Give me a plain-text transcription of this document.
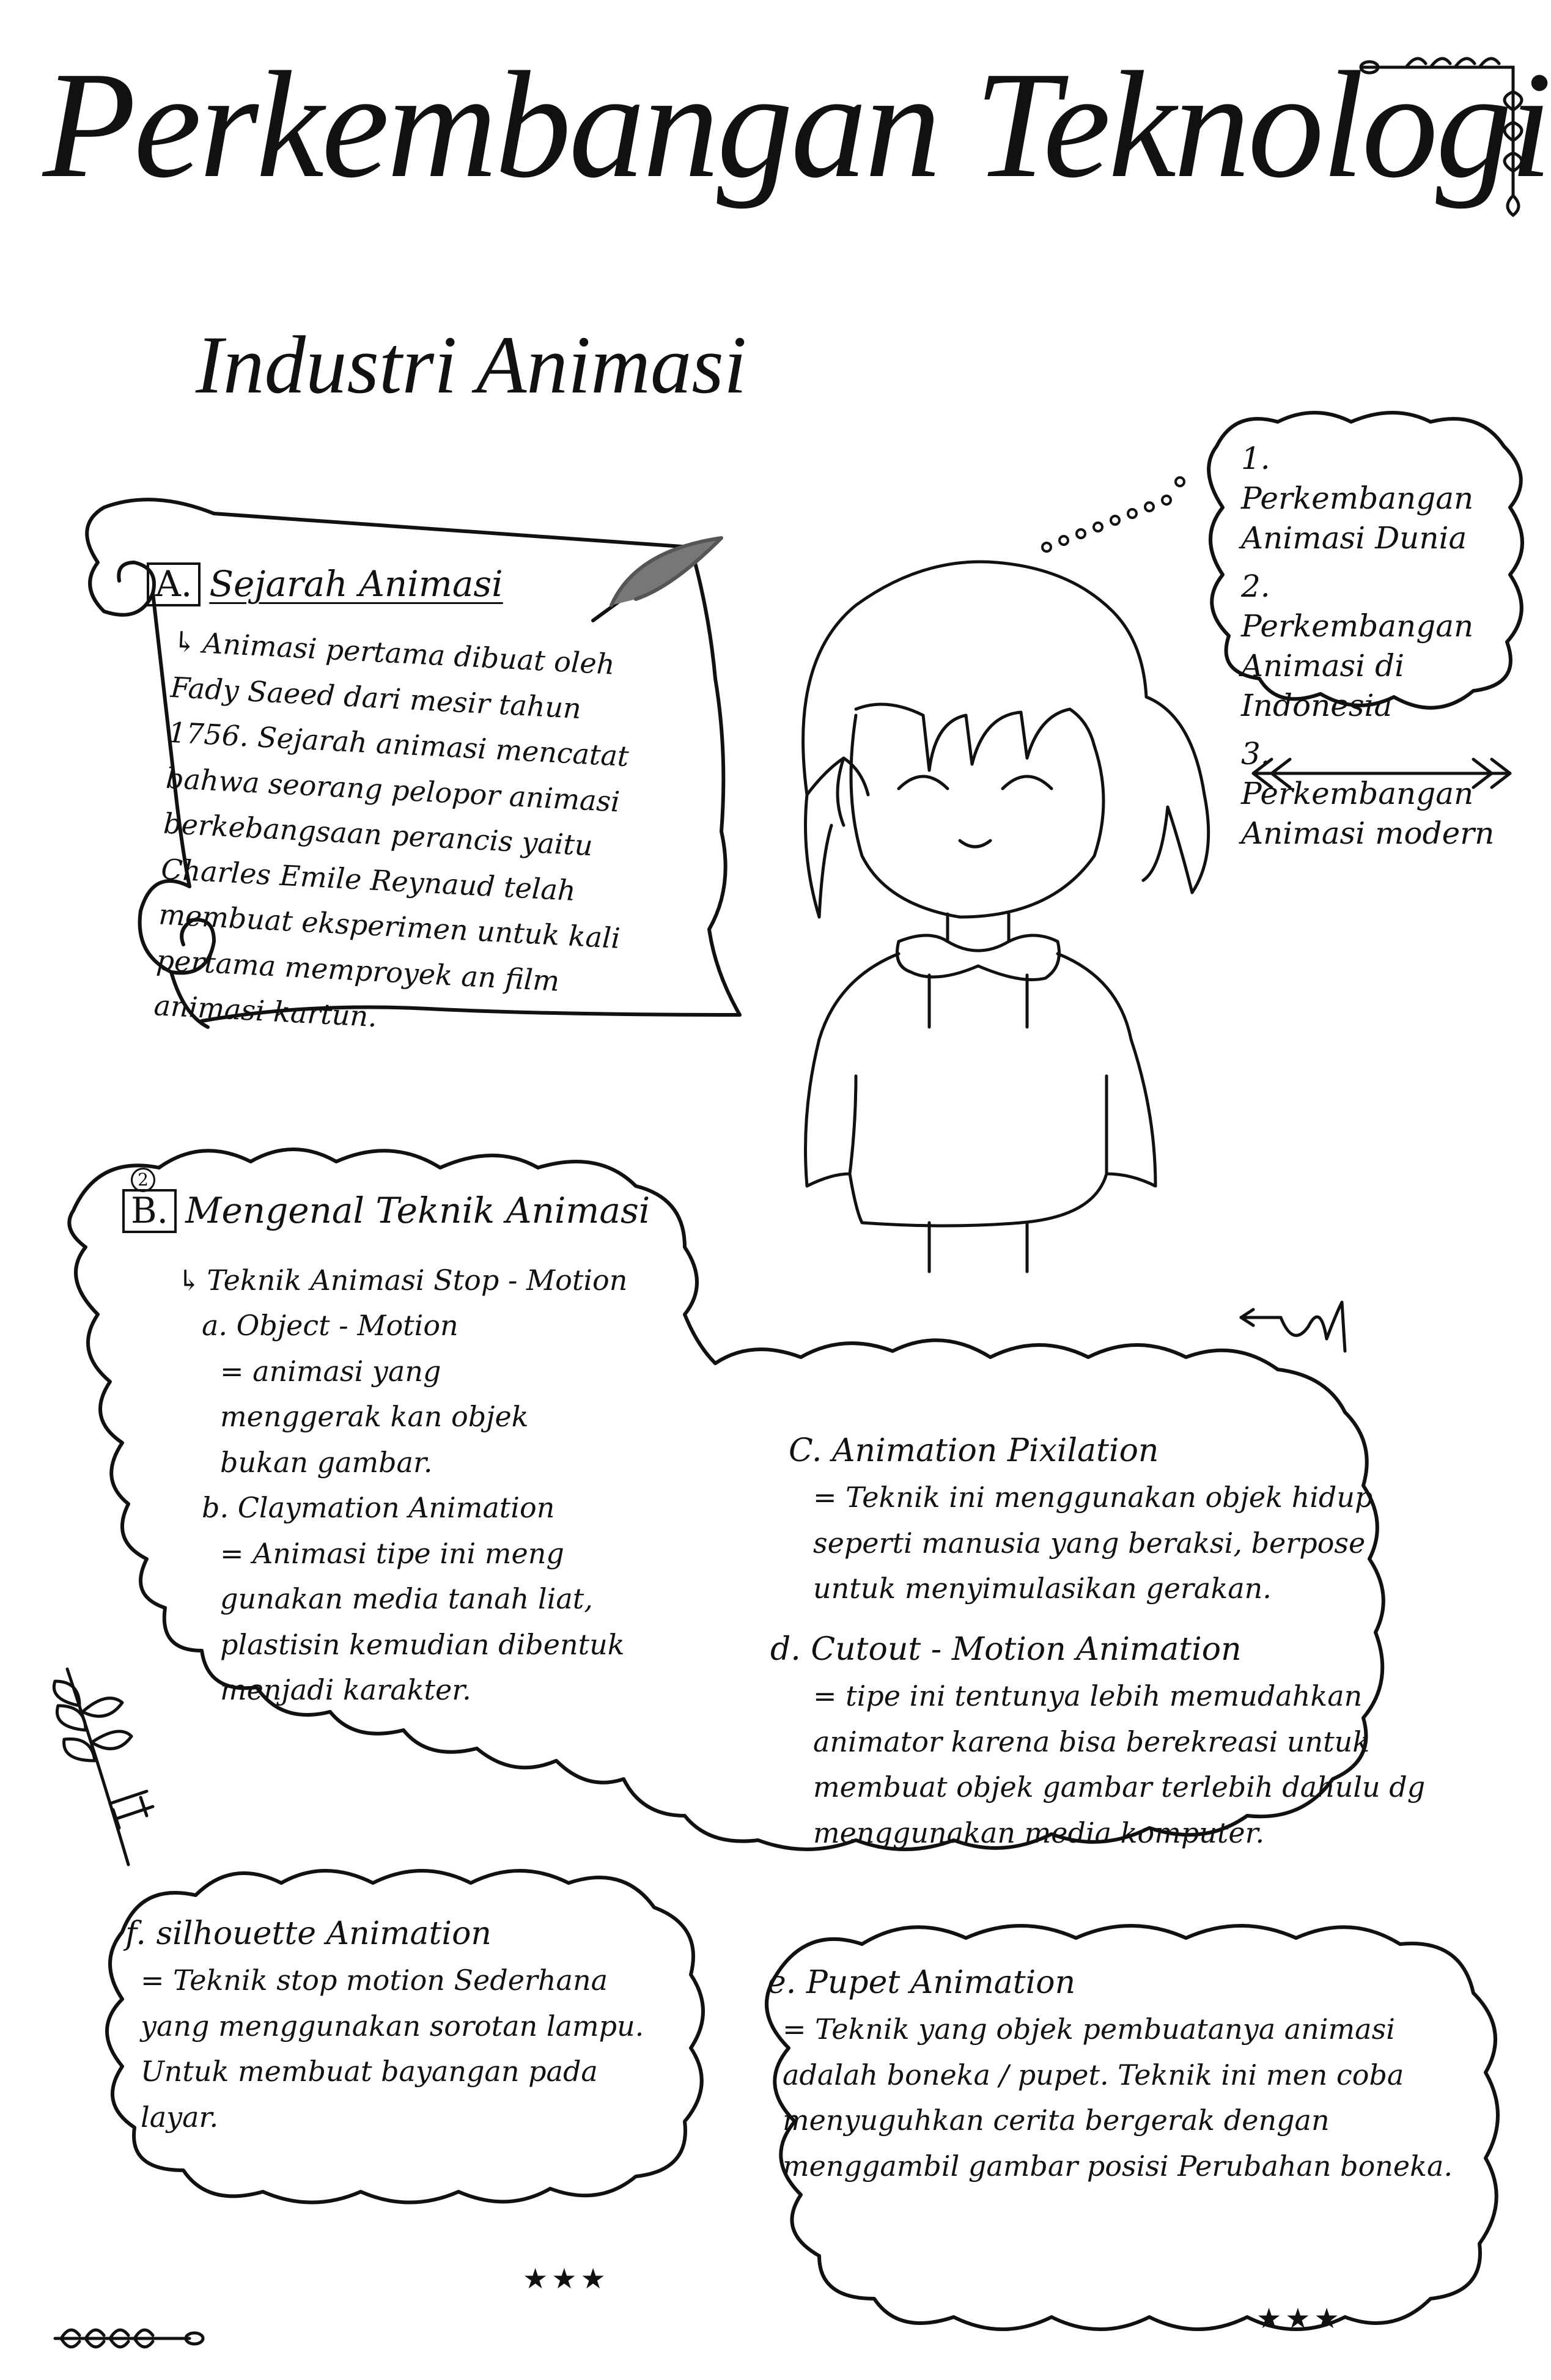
Perkembangan Teknologi
Industri Animasi
1. Perkembangan Animasi Dunia
2. Perkembangan Animasi di Indonesia
3. Perkembangan Animasi modern
A. Sejarah Animasi
↳ Animasi pertama dibuat oleh Fady Saeed dari mesir tahun 1756. Sejarah animasi mencatat bahwa seorang pelopor animasi berkebangsaan perancis yaitu Charles Emile Reynaud telah membuat eksperimen untuk kali pertama memproyek an film animasi kartun.
2
B. Mengenal Teknik Animasi
↳ Teknik Animasi Stop - Motion
a. Object - Motion
= animasi yang menggerak kan objek bukan gambar.
b. Claymation Animation
= Animasi tipe ini meng gunakan media tanah liat, plastisin kemudian dibentuk menjadi karakter.
C. Animation Pixilation
= Teknik ini menggunakan objek hidup seperti manusia yang beraksi, berpose untuk menyimulasikan gerakan.
d. Cutout - Motion Animation
= tipe ini tentunya lebih memudahkan animator karena bisa berekreasi untuk membuat objek gambar terlebih dahulu dg menggunakan media komputer.
f. silhouette Animation
= Teknik stop motion Sederhana yang menggunakan sorotan lampu. Untuk membuat bayangan pada layar.
e. Pupet Animation
= Teknik yang objek pembuatanya animasi adalah boneka / pupet. Teknik ini men coba menyuguhkan cerita bergerak dengan menggambil gambar posisi Perubahan boneka.
★★★
★★★
